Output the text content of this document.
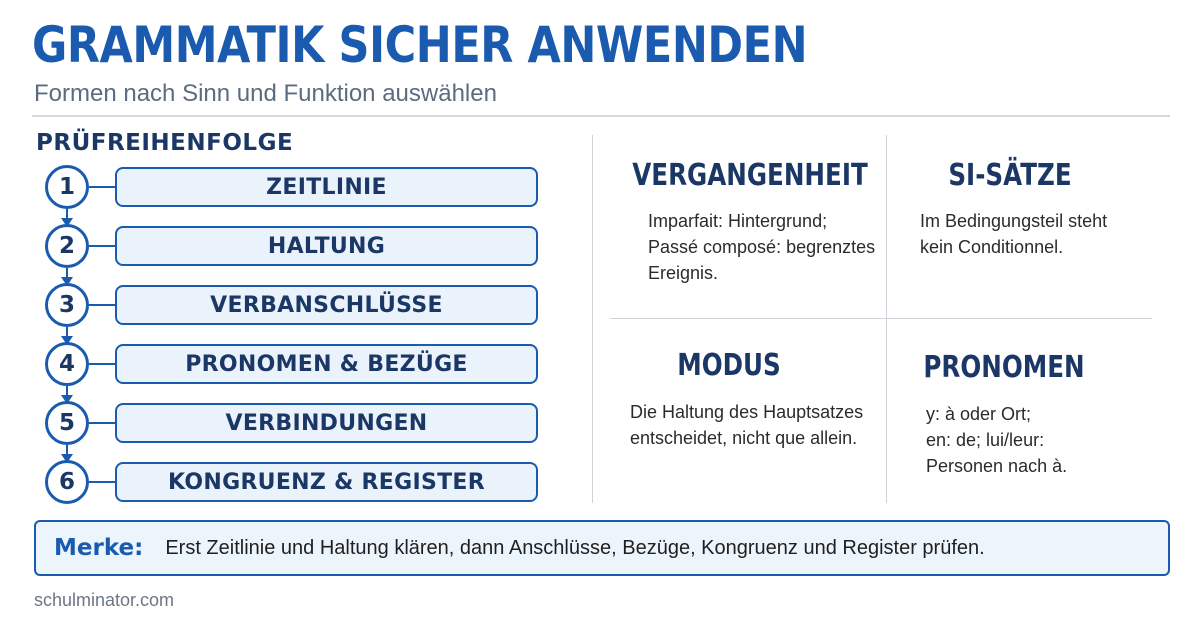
GRAMMATIK SICHER ANWENDEN
Formen nach Sinn und Funktion auswählen
PRÜFREIHENFOLGE
1	ZEITLINIE
2	HALTUNG
3	VERBANSCHLÜSSE
4	PRONOMEN & BEZÜGE
5	VERBINDUNGEN
6	KONGRUENZ & REGISTER
VERGANGENHEIT
Imparfait: Hintergrund;
Passé composé: begrenztes
Ereignis.
SI-SÄTZE
Im Bedingungsteil steht
kein Conditionnel.
MODUS
Die Haltung des Hauptsatzes
entscheidet, nicht que allein.
PRONOMEN
y: à oder Ort;
en: de; lui/leur:
Personen nach à.
Merke: Erst Zeitlinie und Haltung klären, dann Anschlüsse, Bezüge, Kongruenz und Register prüfen.
schulminator.com
